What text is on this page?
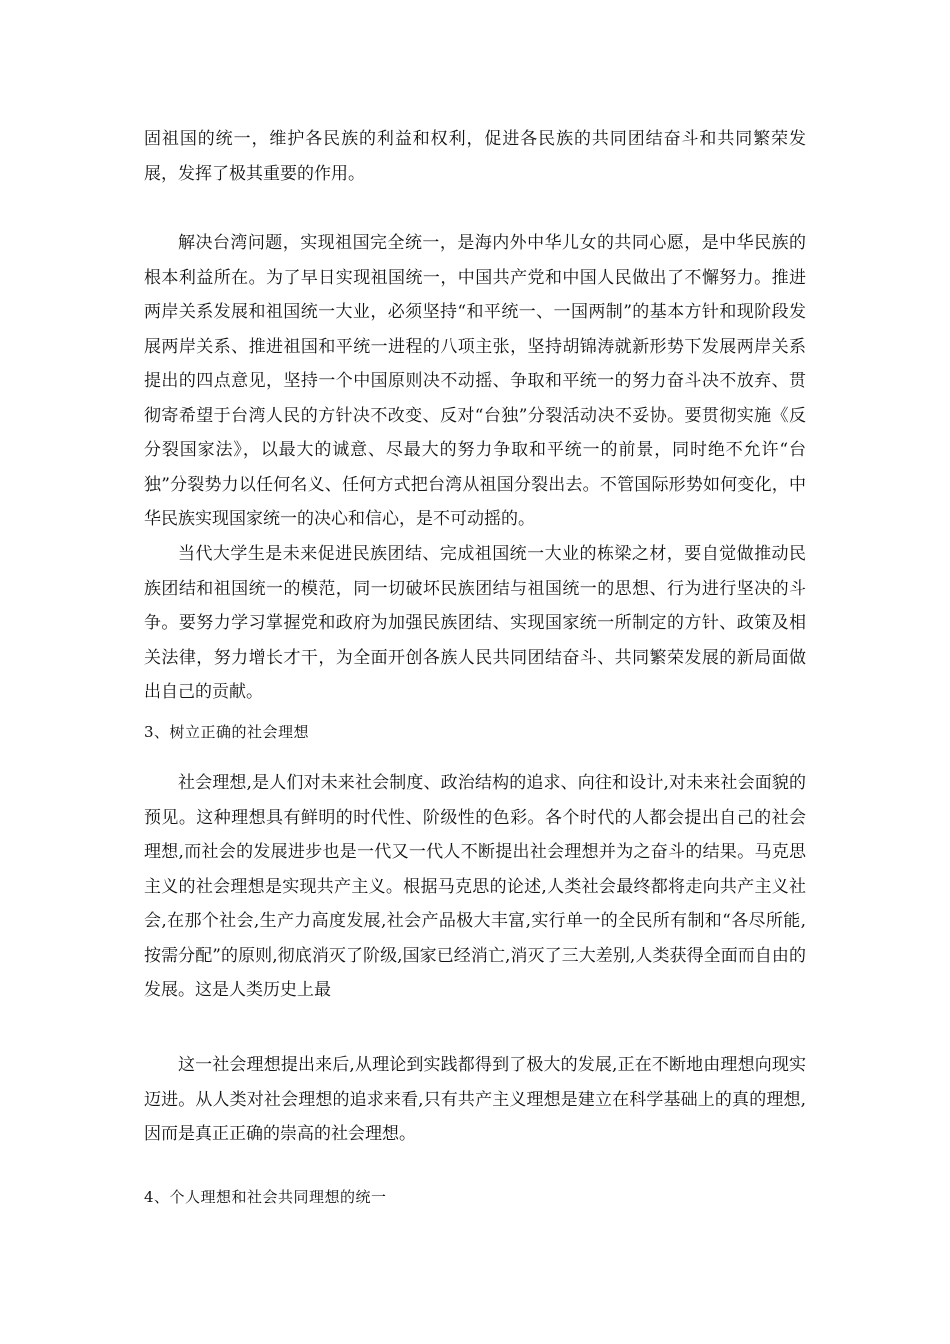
固祖国的统一，维护各民族的利益和权利，促进各民族的共同团结奋斗和共同繁荣发展，发挥了极其重要的作用。

解决台湾问题，实现祖国完全统一，是海内外中华儿女的共同心愿，是中华民族的根本利益所在。为了早日实现祖国统一，中国共产党和中国人民做出了不懈努力。推进两岸关系发展和祖国统一大业，必须坚持“和平统一、一国两制”的基本方针和现阶段发展两岸关系、推进祖国和平统一进程的八项主张，坚持胡锦涛就新形势下发展两岸关系提出的四点意见，坚持一个中国原则决不动摇、争取和平统一的努力奋斗决不放弃、贯彻寄希望于台湾人民的方针决不改变、反对“台独”分裂活动决不妥协。要贯彻实施《反分裂国家法》，以最大的诚意、尽最大的努力争取和平统一的前景，同时绝不允许“台独”分裂势力以任何名义、任何方式把台湾从祖国分裂出去。不管国际形势如何变化，中华民族实现国家统一的决心和信心，是不可动摇的。

当代大学生是未来促进民族团结、完成祖国统一大业的栋梁之材，要自觉做推动民族团结和祖国统一的模范，同一切破坏民族团结与祖国统一的思想、行为进行坚决的斗争。要努力学习掌握党和政府为加强民族团结、实现国家统一所制定的方针、政策及相关法律，努力增长才干，为全面开创各族人民共同团结奋斗、共同繁荣发展的新局面做出自己的贡献。

3、树立正确的社会理想

社会理想,是人们对未来社会制度、政治结构的追求、向往和设计,对未来社会面貌的预见。这种理想具有鲜明的时代性、阶级性的色彩。各个时代的人都会提出自己的社会理想,而社会的发展进步也是一代又一代人不断提出社会理想并为之奋斗的结果。马克思主义的社会理想是实现共产主义。根据马克思的论述,人类社会最终都将走向共产主义社会,在那个社会,生产力高度发展,社会产品极大丰富,实行单一的全民所有制和“各尽所能,按需分配”的原则,彻底消灭了阶级,国家已经消亡,消灭了三大差别,人类获得全面而自由的发展。这是人类历史上最

这一社会理想提出来后,从理论到实践都得到了极大的发展,正在不断地由理想向现实迈进。从人类对社会理想的追求来看,只有共产主义理想是建立在科学基础上的真的理想,因而是真正正确的崇高的社会理想。

4、个人理想和社会共同理想的统一
